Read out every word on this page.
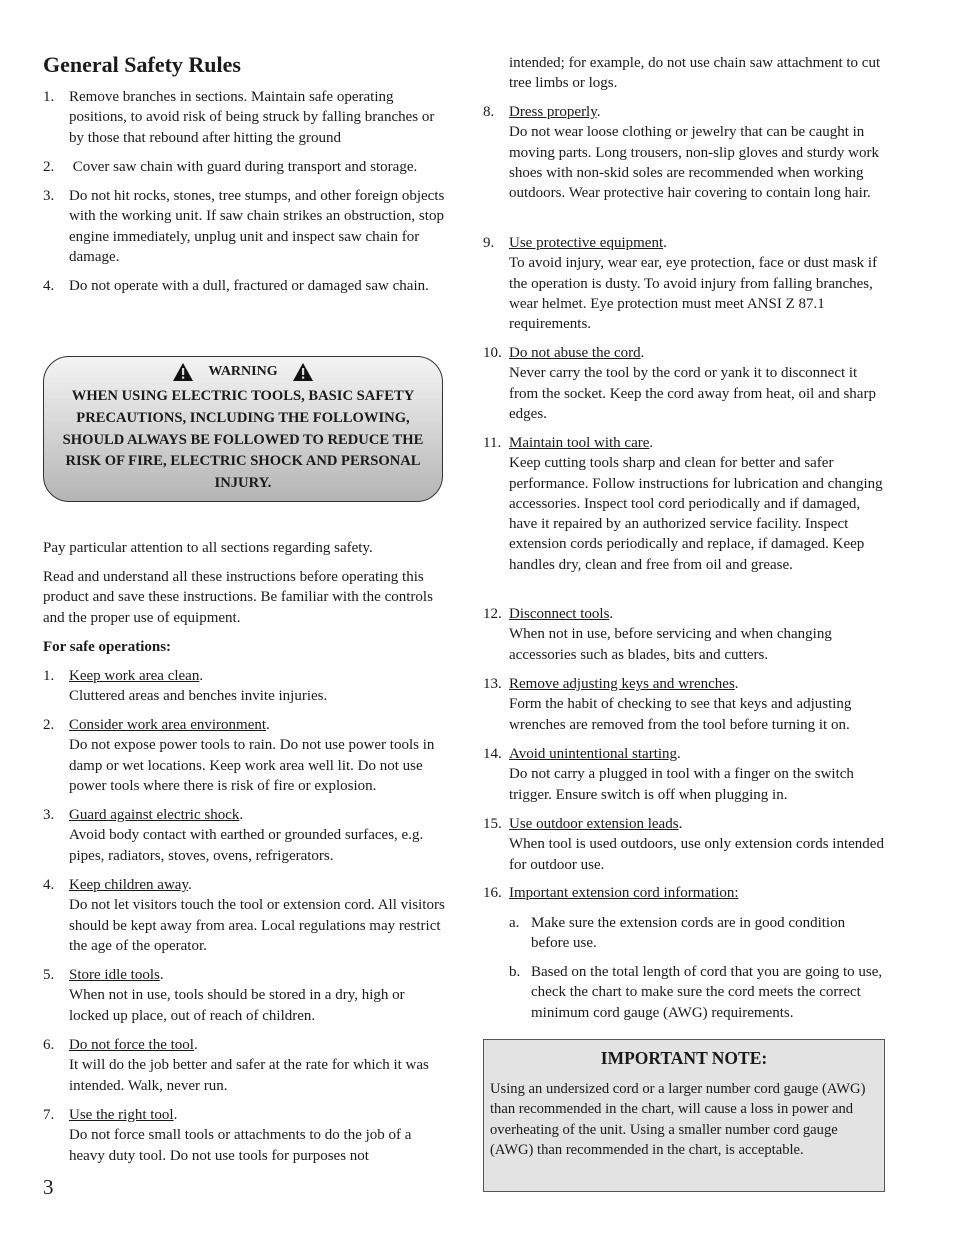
General Safety Rules
1. Remove branches in sections. Maintain safe operating positions, to avoid risk of being struck by falling branches or by those that rebound after hitting the ground
2. Cover saw chain with guard during transport and storage.
3. Do not hit rocks, stones, tree stumps, and other foreign objects with the working unit. If saw chain strikes an obstruction, stop engine immediately, unplug unit and inspect saw chain for damage.
4. Do not operate with a dull, fractured or damaged saw chain.
WARNING
WHEN USING ELECTRIC TOOLS, BASIC SAFETY PRECAUTIONS, INCLUDING THE FOLLOWING, SHOULD ALWAYS BE FOLLOWED TO REDUCE THE RISK OF FIRE, ELECTRIC SHOCK AND PERSONAL INJURY.

Pay particular attention to all sections regarding safety.

Read and understand all these instructions before operating this product and save these instructions. Be familiar with the controls and the proper use of equipment.

For safe operations:

1. Keep work area clean.
Cluttered areas and benches invite injuries.
2. Consider work area environment.
Do not expose power tools to rain. Do not use power tools in damp or wet locations. Keep work area well lit. Do not use power tools where there is risk of fire or explosion.
3. Guard against electric shock.
Avoid body contact with earthed or grounded surfaces, e.g. pipes, radiators, stoves, ovens, refrigerators.
4. Keep children away.
Do not let visitors touch the tool or extension cord. All visitors should be kept away from area. Local regulations may restrict the age of the operator.
5. Store idle tools.
When not in use, tools should be stored in a dry, high or locked up place, out of reach of children.
6. Do not force the tool.
It will do the job better and safer at the rate for which it was intended. Walk, never run.
7. Use the right tool.
Do not force small tools or attachments to do the job of a heavy duty tool. Do not use tools for purposes not
3
intended; for example, do not use chain saw attachment to cut tree limbs or logs.
8. Dress properly.
Do not wear loose clothing or jewelry that can be caught in moving parts. Long trousers, non-slip gloves and sturdy work shoes with non-skid soles are recommended when working outdoors. Wear protective hair covering to contain long hair.
9. Use protective equipment.
To avoid injury, wear ear, eye protection, face or dust mask if the operation is dusty. To avoid injury from falling branches, wear helmet. Eye protection must meet ANSI Z 87.1 requirements.
10. Do not abuse the cord.
Never carry the tool by the cord or yank it to disconnect it from the socket. Keep the cord away from heat, oil and sharp edges.
11. Maintain tool with care.
Keep cutting tools sharp and clean for better and safer performance. Follow instructions for lubrication and changing accessories. Inspect tool cord periodically and if damaged, have it repaired by an authorized service facility. Inspect extension cords periodically and replace, if damaged. Keep handles dry, clean and free from oil and grease.
12. Disconnect tools.
When not in use, before servicing and when changing accessories such as blades, bits and cutters.
13. Remove adjusting keys and wrenches.
Form the habit of checking to see that keys and adjusting wrenches are removed from the tool before turning it on.
14. Avoid unintentional starting.
Do not carry a plugged in tool with a finger on the switch trigger. Ensure switch is off when plugging in.
15. Use outdoor extension leads.
When tool is used outdoors, use only extension cords intended for outdoor use.
16. Important extension cord information:
a. Make sure the extension cords are in good condition before use.
b. Based on the total length of cord that you are going to use, check the chart to make sure the cord meets the correct minimum cord gauge (AWG) requirements.

IMPORTANT NOTE:

Using an undersized cord or a larger number cord gauge (AWG) than recommended in the chart, will cause a loss in power and overheating of the unit. Using a smaller number cord gauge (AWG) than recommended in the chart, is acceptable.
